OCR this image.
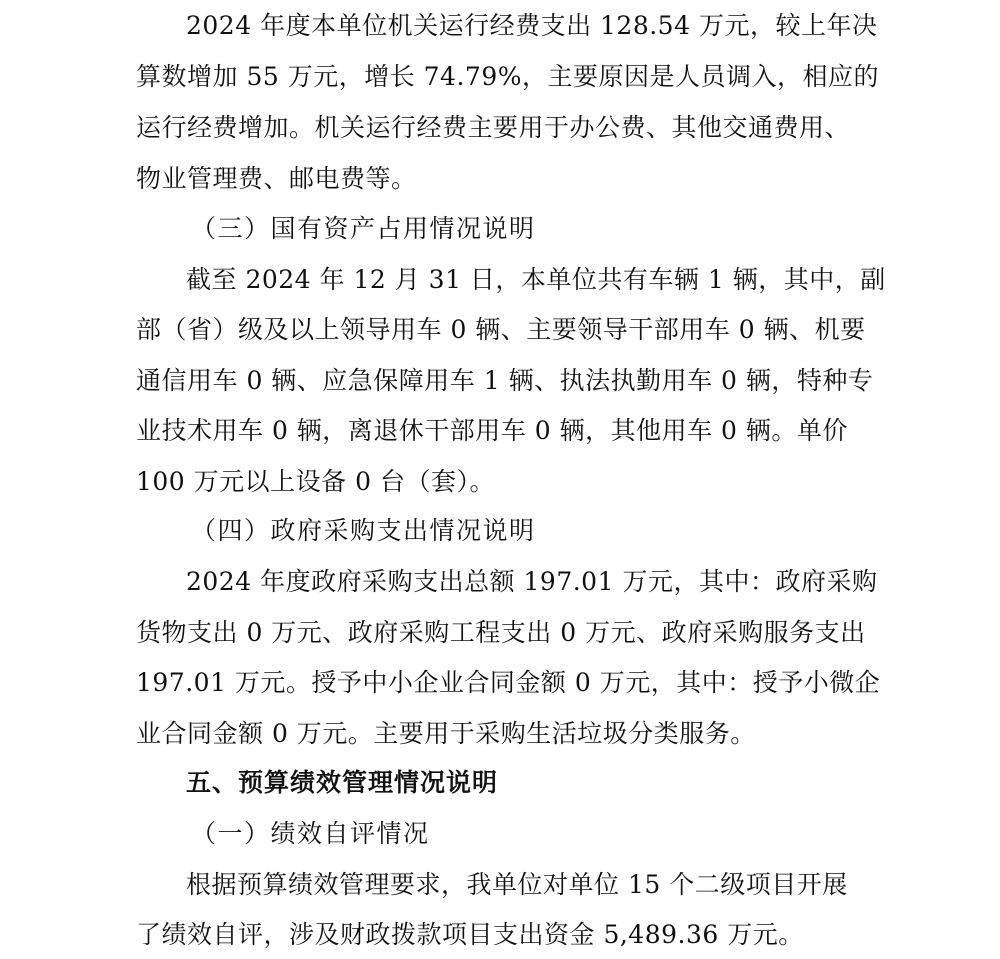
2024 年度本单位机关运行经费支出 128.54 万元，较上年决
算数增加 55 万元，增长 74.79%，主要原因是人员调入，相应的
运行经费增加。机关运行经费主要用于办公费、其他交通费用、
物业管理费、邮电费等。
（三）国有资产占用情况说明
截至 2024 年 12 月 31 日，本单位共有车辆 1 辆，其中，副
部（省）级及以上领导用车 0 辆、主要领导干部用车 0 辆、机要
通信用车 0 辆、应急保障用车 1 辆、执法执勤用车 0 辆，特种专
业技术用车 0 辆，离退休干部用车 0 辆，其他用车 0 辆。单价
100 万元以上设备 0 台（套）。
（四）政府采购支出情况说明
2024 年度政府采购支出总额 197.01 万元，其中：政府采购
货物支出 0 万元、政府采购工程支出 0 万元、政府采购服务支出
197.01 万元。授予中小企业合同金额 0 万元，其中：授予小微企
业合同金额 0 万元。主要用于采购生活垃圾分类服务。
五、预算绩效管理情况说明
（一）绩效自评情况
根据预算绩效管理要求，我单位对单位 15 个二级项目开展
了绩效自评，涉及财政拨款项目支出资金 5,489.36 万元。
